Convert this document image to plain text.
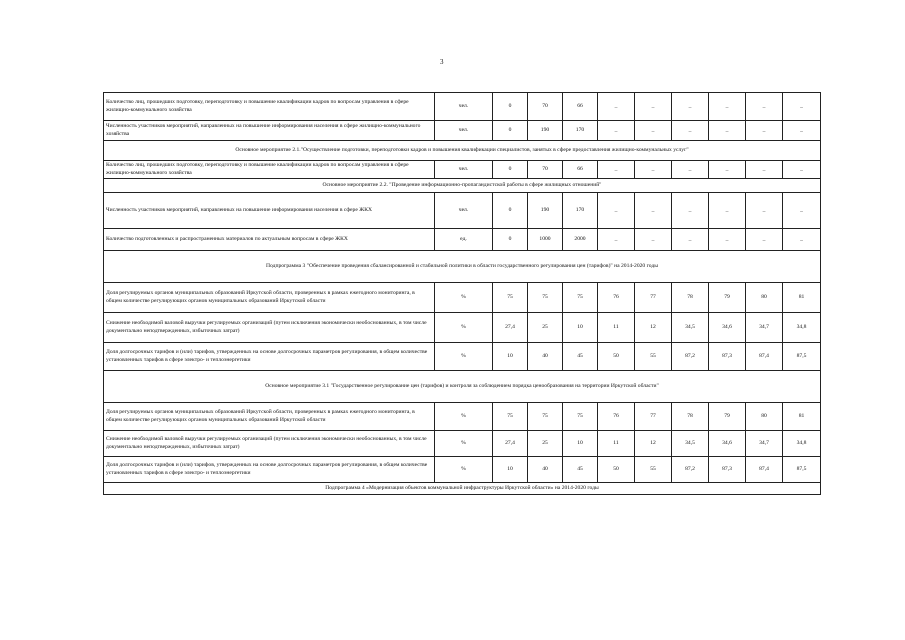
3
Количество лиц, прошедших подготовку, переподготовку и повышение квалификации кадров по вопросам управления в сфере жилищно-коммунального хозяйства	чел.	0	70	66	_	_	_	_	_	_
Численность участников мероприятий, направленных на повышение информирования населения в сфере жилищно-коммунального хозяйства	чел.	0	190	170	_	_	_	_	_	_
Основное мероприятие 2.1."Осуществление подготовки, переподготовки кадров и повышения квалификации специалистов, занятых в сфере предоставления жилищно-коммунальных услуг"										
Количество лиц, прошедших подготовку, переподготовку и повышение квалификации кадров по вопросам управления в сфере жилищно-коммунального хозяйства	чел.	0	70	66	_	_	_	_	_	_
Основное мероприятие 2.2. "Проведение информационно-пропагандистской работы в сфере жилищных отношений"										
Численность участников мероприятий, направленных на повышение информирования населения в сфере ЖКХ	чел.	0	190	170	_	_	_	_	_	_
Количество подготовленных и распространенных материалов по актуальным вопросам в сфере ЖКХ	ед.	0	1000	2000	_	_	_	_	_	_
Подпрограмма 3 "Обеспечение проведения сбалансированной и стабильной политики в области государственного регулирования цен (тарифов)" на 2014-2020 годы										
Доля регулируемых органов муниципальных образований Иркутской области, проверенных в рамках ежегодного мониторинга, в общем количестве регулирующих органов муниципальных образований Иркутской области	%	75	75	75	76	77	78	79	80	81
Снижение необходимой валовой выручки регулируемых организаций (путем исключения экономически необоснованных, в том числе документально неподтвержденных, избыточных затрат)	%	27,4	25	10	11	12	34,5	34,6	34,7	34,8
Доля долгосрочных тарифов и (или) тарифов, утвержденных на основе долгосрочных параметров регулирования, в общем количестве установленных тарифов в сфере электро- и теплоэнергетики	%	10	40	45	50	55	87,2	87,3	87,4	87,5
Основное мероприятие 3.1 "Государственное регулирование цен (тарифов) и контроля за соблюдением порядка ценообразования на территории Иркутской области"										
Доля регулируемых органов муниципальных образований Иркутской области, проверенных в рамках ежегодного мониторинга, в общем количестве регулирующих органов муниципальных образований Иркутской области	%	75	75	75	76	77	78	79	80	81
Снижение необходимой валовой выручки регулируемых организаций (путем исключения экономически необоснованных, в том числе документально неподтвержденных, избыточных затрат)	%	27,4	25	10	11	12	34,5	34,6	34,7	34,8
Доля долгосрочных тарифов и (или) тарифов, утвержденных на основе долгосрочных параметров регулирования, в общем количестве установленных тарифов в сфере электро- и теплоэнергетики	%	10	40	45	50	55	87,2	87,3	87,4	87,5
Подпрограмма 4 «Модернизация объектов коммунальной инфраструктуры Иркутской области» на 2014-2020 годы										
